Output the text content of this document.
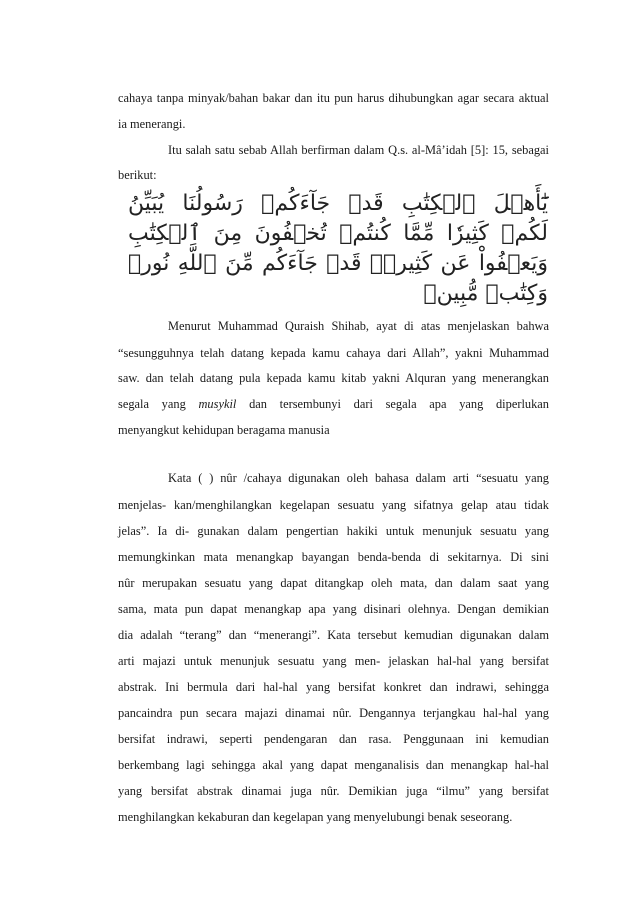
cahaya tanpa minyak/bahan bakar dan itu pun harus dihubungkan agar secara aktual
ia menerangi.
Itu salah satu sebab Allah berfirman dalam Q.s. al-Mâ’idah [5]: 15, sebagai
berikut:
يَٰٓأَهۡلَ ٱلۡكِتَٰبِ قَدۡ جَآءَكُمۡ رَسُولُنَا يُبَيِّنُ
لَكُمۡ كَثِيرٗا مِّمَّا كُنتُمۡ تُخۡفُونَ مِنَ ٱلۡكِتَٰبِ
وَيَعۡفُواْ عَن كَثِيرٖۚ قَدۡ جَآءَكُم مِّنَ ٱللَّهِ نُورٞ
وَكِتَٰبٞ مُّبِينٞ
Menurut Muhammad Quraish Shihab, ayat di atas menjelaskan bahwa
“sesungguhnya telah datang kepada kamu cahaya dari Allah”, yakni Muhammad
saw. dan telah datang pula kepada kamu kitab yakni Alquran yang menerangkan
segala yang musykil dan tersembunyi dari segala apa yang diperlukan
menyangkut kehidupan beragama manusia
Kata ( ) nûr /cahaya digunakan oleh bahasa dalam arti “sesuatu yang
menjelas- kan/menghilangkan kegelapan sesuatu yang sifatnya gelap atau tidak
jelas”. Ia di- gunakan dalam pengertian hakiki untuk menunjuk sesuatu yang
memungkinkan mata menangkap bayangan benda-benda di sekitarnya. Di sini
nûr merupakan sesuatu yang dapat ditangkap oleh mata, dan dalam saat yang
sama, mata pun dapat menangkap apa yang disinari olehnya. Dengan demikian
dia adalah “terang” dan “menerangi”. Kata tersebut kemudian digunakan dalam
arti majazi untuk menunjuk sesuatu yang men- jelaskan hal-hal yang bersifat
abstrak. Ini bermula dari hal-hal yang bersifat konkret dan indrawi, sehingga
pancaindra pun secara majazi dinamai nûr. Dengannya terjangkau hal-hal yang
bersifat indrawi, seperti pendengaran dan rasa. Penggunaan ini kemudian
berkembang lagi sehingga akal yang dapat menganalisis dan menangkap hal-hal
yang bersifat abstrak dinamai juga nûr. Demikian juga “ilmu” yang bersifat
menghilangkan kekaburan dan kegelapan yang menyelubungi benak seseorang.
